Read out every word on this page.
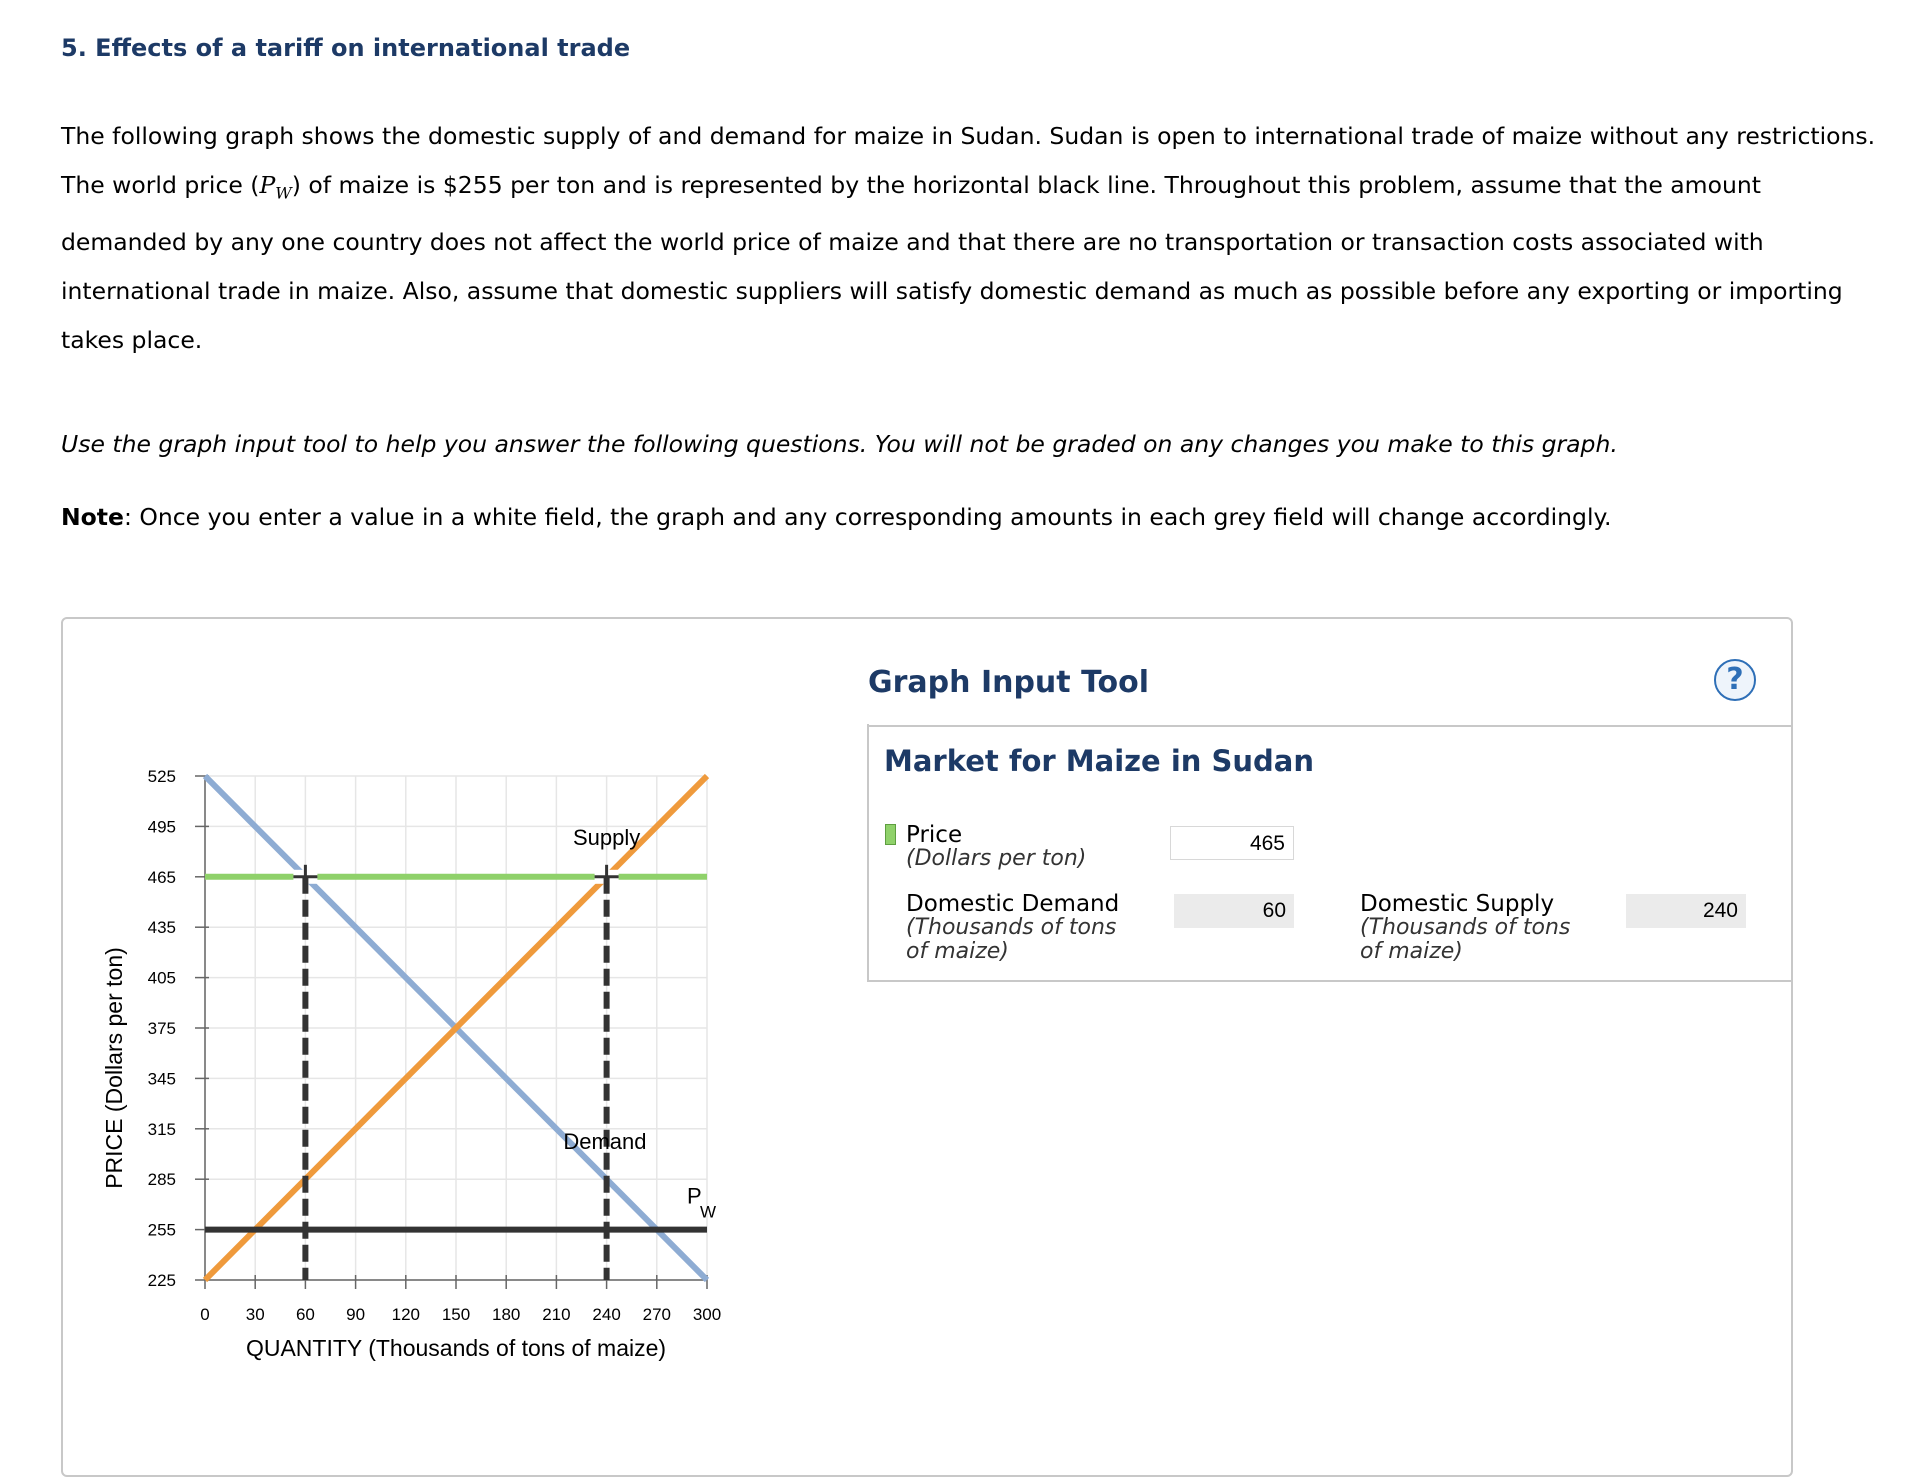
5. Effects of a tariff on international trade

The following graph shows the domestic supply of and demand for maize in Sudan. Sudan is open to international trade of maize without any restrictions. The world price $(P_W)$ of maize is $255 per ton and is represented by the horizontal black line. Throughout this problem, assume that the amount demanded by any one country does not affect the world price of maize and that there are no transportation or transaction costs associated with international trade in maize. Also, assume that domestic suppliers will satisfy domestic demand as much as possible before any exporting or importing takes place.

Use the graph input tool to help you answer the following questions. You will not be graded on any changes you make to this graph.

Note: Once you enter a value in a white field, the graph and any corresponding amounts in each grey field will change accordingly.

525
495
465
435
405
375
345
315
285
255
225
0 30 60 90 120 150 180 210 240 270 300
QUANTITY (Thousands of tons of maize)
PRICE (Dollars per ton)
Supply
Demand
P
W
Graph Input Tool	?
Market for Maize in Sudan
Price
(Dollars per ton)
465
Domestic Demand
(Thousands of tons
of maize)
60	Domestic Supply
(Thousands of tons
of maize)
240
